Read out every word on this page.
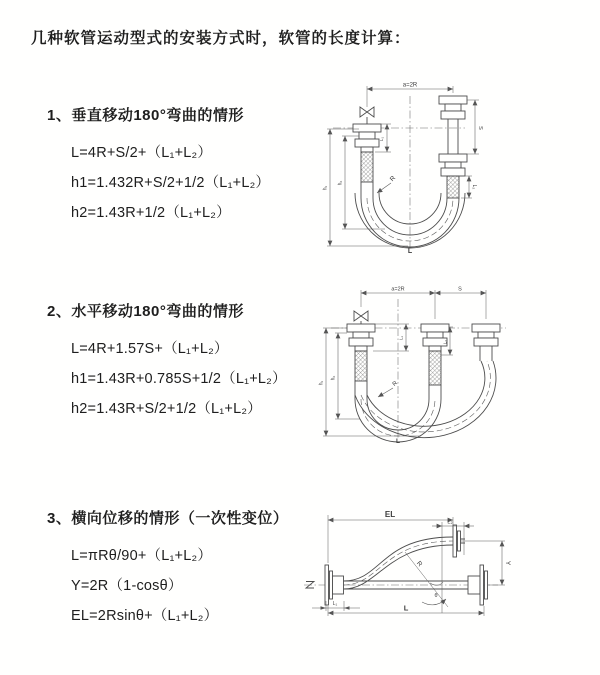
几种软管运动型式的安装方式时，软管的长度计算：
1、垂直移动180°弯曲的情形
L=4R+S/2+（L₁+L₂）
h1=1.432R+S/2+1/2（L₁+L₂）
h2=1.43R+1/2（L₁+L₂）
2、水平移动180°弯曲的情形
L=4R+1.57S+（L₁+L₂）
h1=1.43R+0.785S+1/2（L₁+L₂）
h2=1.43R+S/2+1/2（L₁+L₂）
3、横向位移的情形（一次性变位）
L=πRθ/90+（L₁+L₂）
Y=2R（1-cosθ）
EL=2Rsinθ+（L₁+L₂）
a=2R
R
S
L₂
h₁
h₂
L₁
L
a=2R	S
R
h₁
h₂
L₁
L₂
L
EL
L₂
Y
R
θ
L
L₁
